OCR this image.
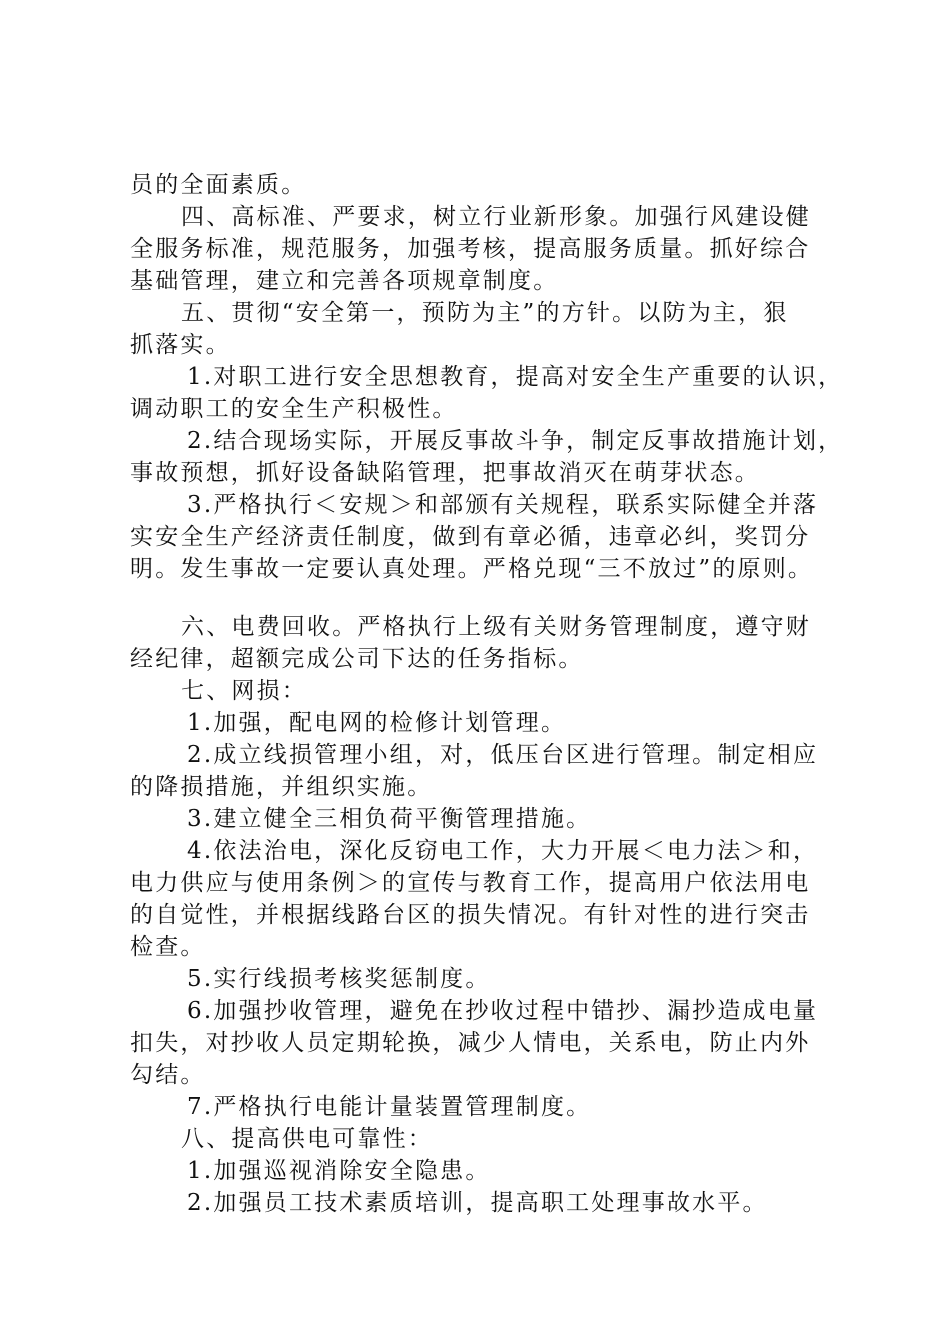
员的全面素质。
四、高标准、严要求，树立行业新形象。加强行风建设健
全服务标准，规范服务，加强考核，提高服务质量。抓好综合
基础管理，建立和完善各项规章制度。
五、贯彻“安全第一，预防为主”的方针。以防为主，狠
抓落实。
1.对职工进行安全思想教育，提高对安全生产重要的认识，
调动职工的安全生产积极性。
2.结合现场实际，开展反事故斗争，制定反事故措施计划，
事故预想，抓好设备缺陷管理，把事故消灭在萌芽状态。
3.严格执行＜安规＞和部颁有关规程，联系实际健全并落
实安全生产经济责任制度，做到有章必循，违章必纠，奖罚分
明。发生事故一定要认真处理。严格兑现“三不放过”的原则。
六、电费回收。严格执行上级有关财务管理制度，遵守财
经纪律，超额完成公司下达的任务指标。
七、网损：
1.加强，配电网的检修计划管理。
2.成立线损管理小组，对，低压台区进行管理。制定相应
的降损措施，并组织实施。
3.建立健全三相负荷平衡管理措施。
4.依法治电，深化反窃电工作，大力开展＜电力法＞和，
电力供应与使用条例＞的宣传与教育工作，提高用户依法用电
的自觉性，并根据线路台区的损失情况。有针对性的进行突击
检查。
5.实行线损考核奖惩制度。
6.加强抄收管理，避免在抄收过程中错抄、漏抄造成电量
扣失，对抄收人员定期轮换，减少人情电，关系电，防止内外
勾结。
7.严格执行电能计量装置管理制度。
八、提高供电可靠性：
1.加强巡视消除安全隐患。
2.加强员工技术素质培训，提高职工处理事故水平。
